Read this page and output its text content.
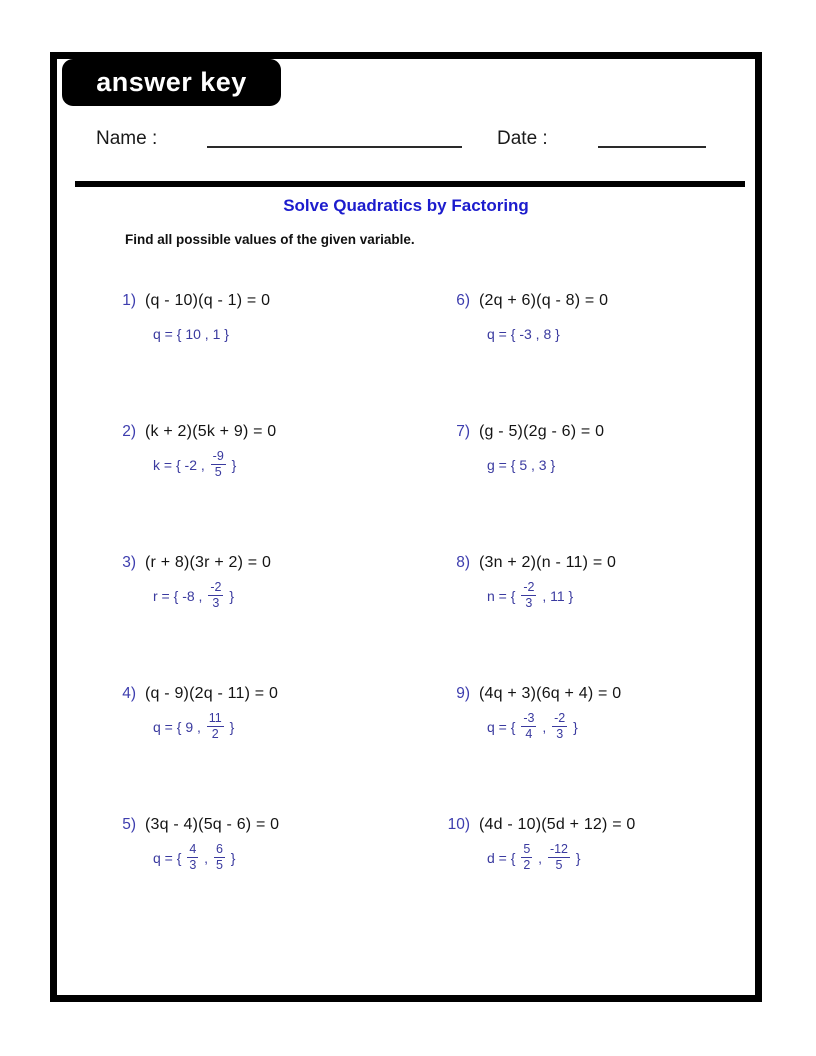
answer key
Name :	Date :
Solve Quadratics by Factoring
Find all possible values of the given variable.
1) (q - 10)(q - 1) = 0
q = { 10 , 1 }
2) (k + 2)(5k + 9) = 0
k = { -2 , $\frac{-9}{5}$ }
3) (r + 8)(3r + 2) = 0
r = { -8 , $\frac{-2}{3}$ }
4) (q - 9)(2q - 11) = 0
q = { 9 , $\frac{11}{2}$ }
5) (3q - 4)(5q - 6) = 0
q = { $\frac{4}{3}$ , $\frac{6}{5}$ }
6) (2q + 6)(q - 8) = 0
q = { -3 , 8 }
7) (g - 5)(2g - 6) = 0
g = { 5 , 3 }
8) (3n + 2)(n - 11) = 0
n = { $\frac{-2}{3}$ , 11 }
9) (4q + 3)(6q + 4) = 0
q = { $\frac{-3}{4}$ , $\frac{-2}{3}$ }
10) (4d - 10)(5d + 12) = 0
d = { $\frac{5}{2}$ , $\frac{-12}{5}$ }
